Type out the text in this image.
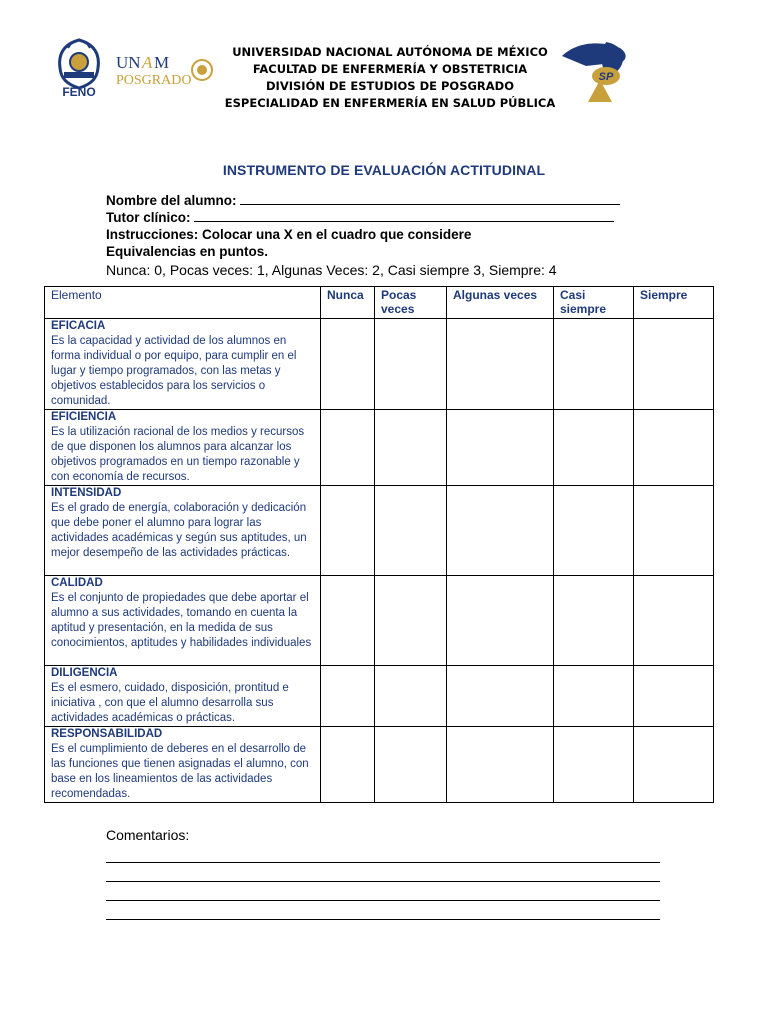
FENO
UN A M
POSGRADO	SP
UNIVERSIDAD NACIONAL AUTÓNOMA DE MÉXICO
FACULTAD DE ENFERMERÍA Y OBSTETRICIA
DIVISIÓN DE ESTUDIOS DE POSGRADO
ESPECIALIDAD EN ENFERMERÍA EN SALUD PÚBLICA
INSTRUMENTO DE EVALUACIÓN ACTITUDINAL
Nombre del alumno:
Tutor clínico:
Instrucciones: Colocar una X en el cuadro que considere
Equivalencias en puntos.
Nunca: 0, Pocas veces: 1, Algunas Veces: 2, Casi siempre 3, Siempre: 4
Elemento	Nunca	Pocas veces	Algunas veces	Casi siempre	Siempre

EFICACIA
Es la capacidad y actividad de los alumnos en forma individual o por equipo, para cumplir en el lugar y tiempo programados, con las metas y objetivos establecidos para los servicios o comunidad.					

EFICIENCIA
Es la utilización racional de los medios y recursos de que disponen los alumnos para alcanzar los objetivos programados en un tiempo razonable y con economía de recursos.					

INTENSIDAD
Es el grado de energía, colaboración y dedicación que debe poner el alumno para lograr las actividades académicas y según sus aptitudes, un mejor desempeño de las actividades prácticas.					

CALIDAD
Es el conjunto de propiedades que debe aportar el alumno a sus actividades, tomando en cuenta la aptitud y presentación, en la medida de sus conocimientos, aptitudes y habilidades individuales					

DILIGENCIA
Es el esmero, cuidado, disposición, prontitud e iniciativa , con que el alumno desarrolla sus actividades académicas o prácticas.					

RESPONSABILIDAD
Es el cumplimiento de deberes en el desarrollo de las funciones que tienen asignadas el alumno, con base en los lineamientos de las actividades recomendadas.					
Comentarios:
